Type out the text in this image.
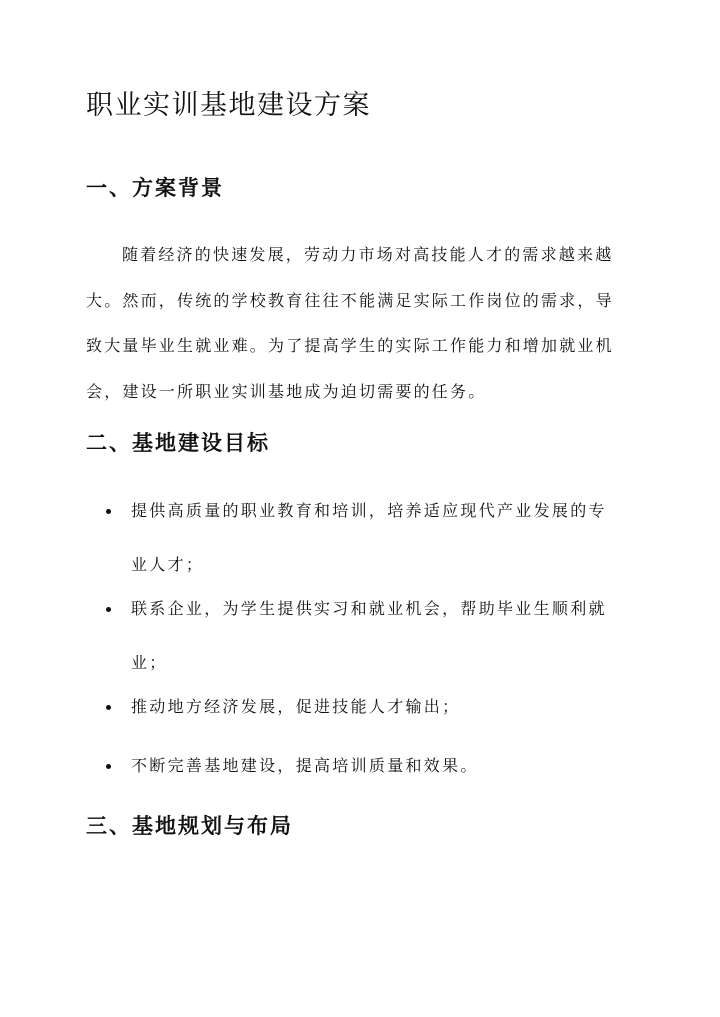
职业实训基地建设方案
一、方案背景

随着经济的快速发展，劳动力市场对高技能人才的需求越来越
大。然而，传统的学校教育往往不能满足实际工作岗位的需求，导
致大量毕业生就业难。为了提高学生的实际工作能力和增加就业机
会，建设一所职业实训基地成为迫切需要的任务。

二、基地建设目标
提供高质量的职业教育和培训，培养适应现代产业发展的专
业人才；
联系企业，为学生提供实习和就业机会，帮助毕业生顺利就
业；
推动地方经济发展，促进技能人才输出；
不断完善基地建设，提高培训质量和效果。
三、基地规划与布局
